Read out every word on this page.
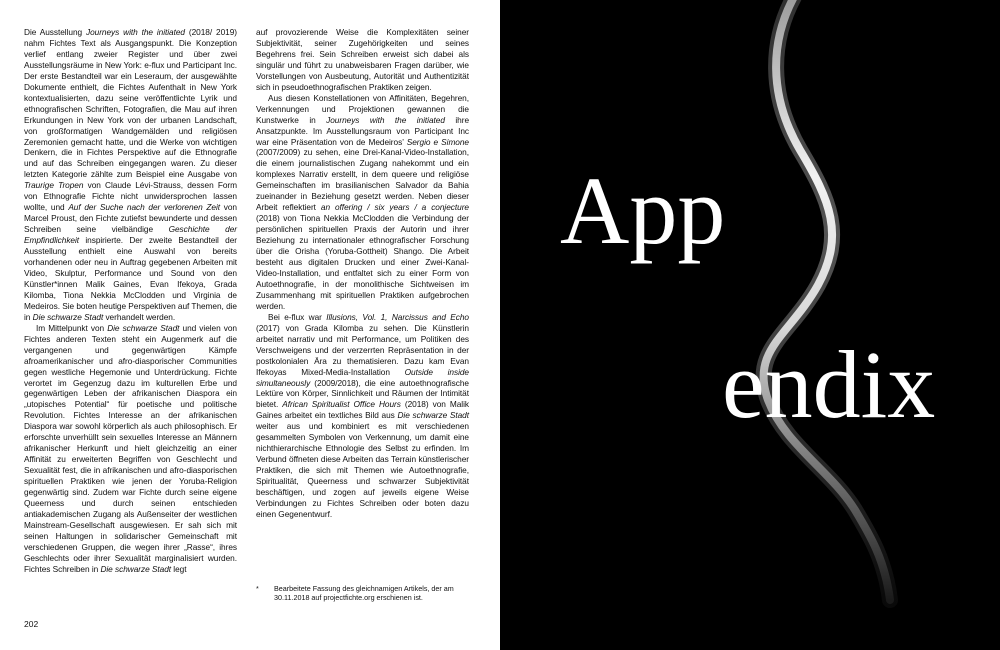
Die Ausstellung Journeys with the initiated (2018/ 2019) nahm Fichtes Text als Ausgangspunkt. Die Konzeption verlief entlang zweier Register und über zwei Ausstellungsräume in New York: e-flux und Participant Inc. Der erste Bestandteil war ein Leseraum, der ausgewählte Dokumente enthielt, die Fichtes Aufenthalt in New York kontextualisierten, dazu seine veröffentlichte Lyrik und ethnografischen Schriften, Fotografien, die Mau auf ihren Erkundungen in New York von der urbanen Landschaft, von großformatigen Wandgemälden und religiösen Zeremonien gemacht hatte, und die Werke von wichtigen Denkern, die in Fichtes Perspektive auf die Ethnografie und auf das Schreiben eingegangen waren. Zu dieser letzten Kategorie zählte zum Beispiel eine Ausgabe von Traurige Tropen von Claude Lévi-Strauss, dessen Form von Ethnografie Fichte nicht unwidersprochen lassen wollte, und Auf der Suche nach der verlorenen Zeit von Marcel Proust, den Fichte zutiefst bewunderte und dessen Schreiben seine vielbändige Geschichte der Empfindlichkeit inspirierte. Der zweite Bestandteil der Ausstellung enthielt eine Auswahl von bereits vorhandenen oder neu in Auftrag gegebenen Arbeiten mit Video, Skulptur, Performance und Sound von den Künstler*innen Malik Gaines, Evan Ifekoya, Grada Kilomba, Tiona Nekkia McClodden und Virginia de Medeiros. Sie boten heutige Perspektiven auf Themen, die in Die schwarze Stadt verhandelt werden.

Im Mittelpunkt von Die schwarze Stadt und vielen von Fichtes anderen Texten steht ein Augenmerk auf die vergangenen und gegenwärtigen Kämpfe afroamerikanischer und afro-diasporischer Communities gegen westliche Hegemonie und Unterdrückung. Fichte verortet im Gegenzug dazu im kulturellen Erbe und gegenwärtigen Leben der afrikanischen Diaspora ein „utopisches Potential“ für poetische und politische Revolution. Fichtes Interesse an der afrikanischen Diaspora war sowohl körperlich als auch philosophisch. Er erforschte unverhüllt sein sexuelles Interesse an Männern afrikanischer Herkunft und hielt gleichzeitig an einer Affinität zu erweiterten Begriffen von Geschlecht und Sexualität fest, die in afrikanischen und afro-diasporischen spirituellen Praktiken wie jenen der Yoruba-Religion gegenwärtig sind. Zudem war Fichte durch seine eigene Queerness und durch seinen entschieden antiakademischen Zugang als Außenseiter der westlichen Mainstream-Gesellschaft ausgewiesen. Er sah sich mit seinen Haltungen in solidarischer Gemeinschaft mit verschiedenen Gruppen, die wegen ihrer „Rasse“, ihres Geschlechts oder ihrer Sexualität marginalisiert wurden. Fichtes Schreiben in Die schwarze Stadt legt

auf provozierende Weise die Komplexitäten seiner Subjektivität, seiner Zugehörigkeiten und seines Begehrens frei. Sein Schreiben erweist sich dabei als singulär und führt zu unabweisbaren Fragen darüber, wie Vorstellungen von Ausbeutung, Autorität und Authentizität sich in pseudoethnografischen Praktiken zeigen.

Aus diesen Konstellationen von Affinitäten, Begehren, Verkennungen und Projektionen gewannen die Kunstwerke in Journeys with the initiated ihre Ansatzpunkte. Im Ausstellungsraum von Participant Inc war eine Präsentation von de Medeiros’ Sergio e Simone (2007/2009) zu sehen, eine Drei-Kanal-Video-Installation, die einem journalistischen Zugang nahekommt und ein komplexes Narrativ erstellt, in dem queere und religiöse Gemeinschaften im brasilianischen Salvador da Bahia zueinander in Beziehung gesetzt werden. Neben dieser Arbeit reflektiert an offering / six years / a conjecture (2018) von Tiona Nekkia McClodden die Verbindung der persönlichen spirituellen Praxis der Autorin und ihrer Beziehung zu internationaler ethnografischer Forschung über die Orisha (Yoruba-Gottheit) Shango. Die Arbeit besteht aus digitalen Drucken und einer Zwei-Kanal-Video-Installation, und entfaltet sich zu einer Form von Autoethnografie, in der monolithische Sichtweisen im Zusammenhang mit spirituellen Praktiken aufgebrochen werden.

Bei e-flux war Illusions, Vol. 1, Narcissus and Echo (2017) von Grada Kilomba zu sehen. Die Künstlerin arbeitet narrativ und mit Performance, um Politiken des Verschweigens und der verzerrten Repräsentation in der postkolonialen Ära zu thematisieren. Dazu kam Evan Ifekoyas Mixed-Media-Installation Outside inside simultaneously (2009/2018), die eine autoethnografische Lektüre von Körper, Sinnlichkeit und Räumen der Intimität bietet. African Spiritualist Office Hours (2018) von Malik Gaines arbeitet ein textliches Bild aus Die schwarze Stadt weiter aus und kombiniert es mit verschiedenen gesammelten Symbolen von Verkennung, um damit eine nichthierarchische Ethnologie des Selbst zu erfinden. Im Verbund öffneten diese Arbeiten das Terrain künstlerischer Praktiken, die sich mit Themen wie Autoethnografie, Spiritualität, Queerness und schwarzer Subjektivität beschäftigen, und zogen auf jeweils eigene Weise Verbindungen zu Fichtes Schreiben oder boten dazu einen Gegenentwurf.

*	Bearbeitete Fassung des gleichnamigen Artikels, der am 30.11.2018 auf projectfichte.org erschienen ist.
202
App
endix
